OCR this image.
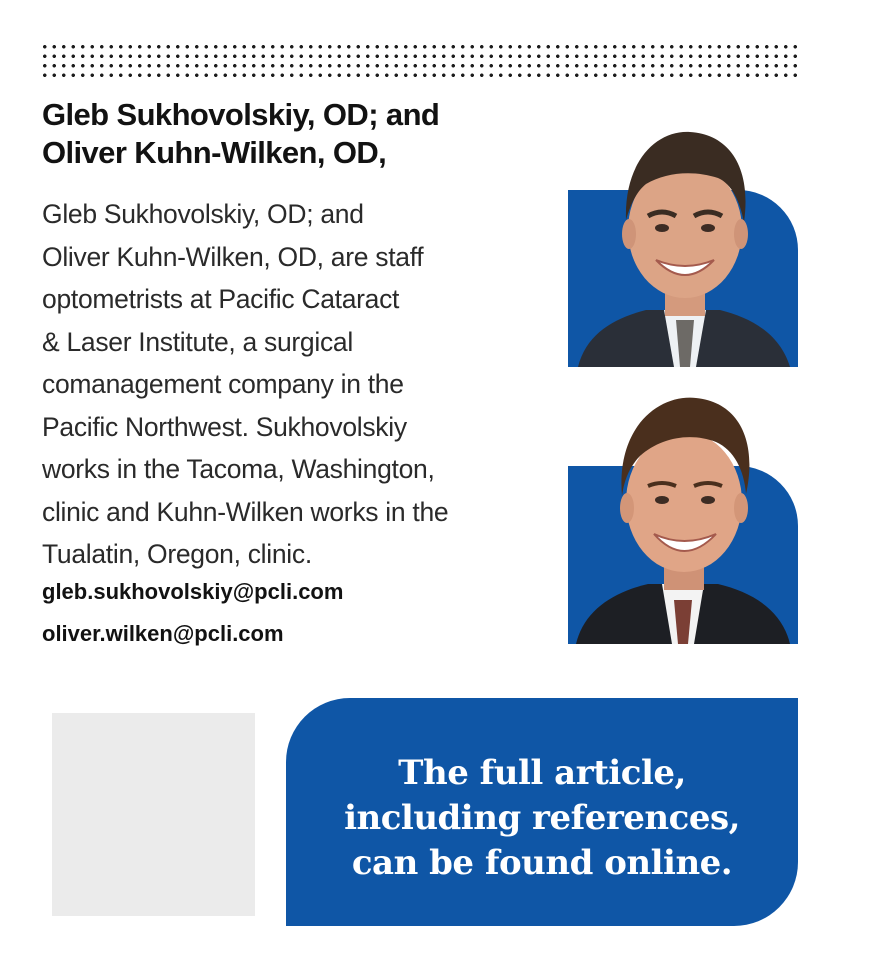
Gleb Sukhovolskiy, OD; and
Oliver Kuhn-Wilken, OD,

Gleb Sukhovolskiy, OD; and
Oliver Kuhn-Wilken, OD, are staff
optometrists at Pacific Cataract
& Laser Institute, a surgical
comanagement company in the
Pacific Northwest. Sukhovolskiy
works in the Tacoma, Washington,
clinic and Kuhn-Wilken works in the
Tualatin, Oregon, clinic.

gleb.sukhovolskiy@pcli.com

oliver.wilken@pcli.com

The full article,
including references,
can be found online.
